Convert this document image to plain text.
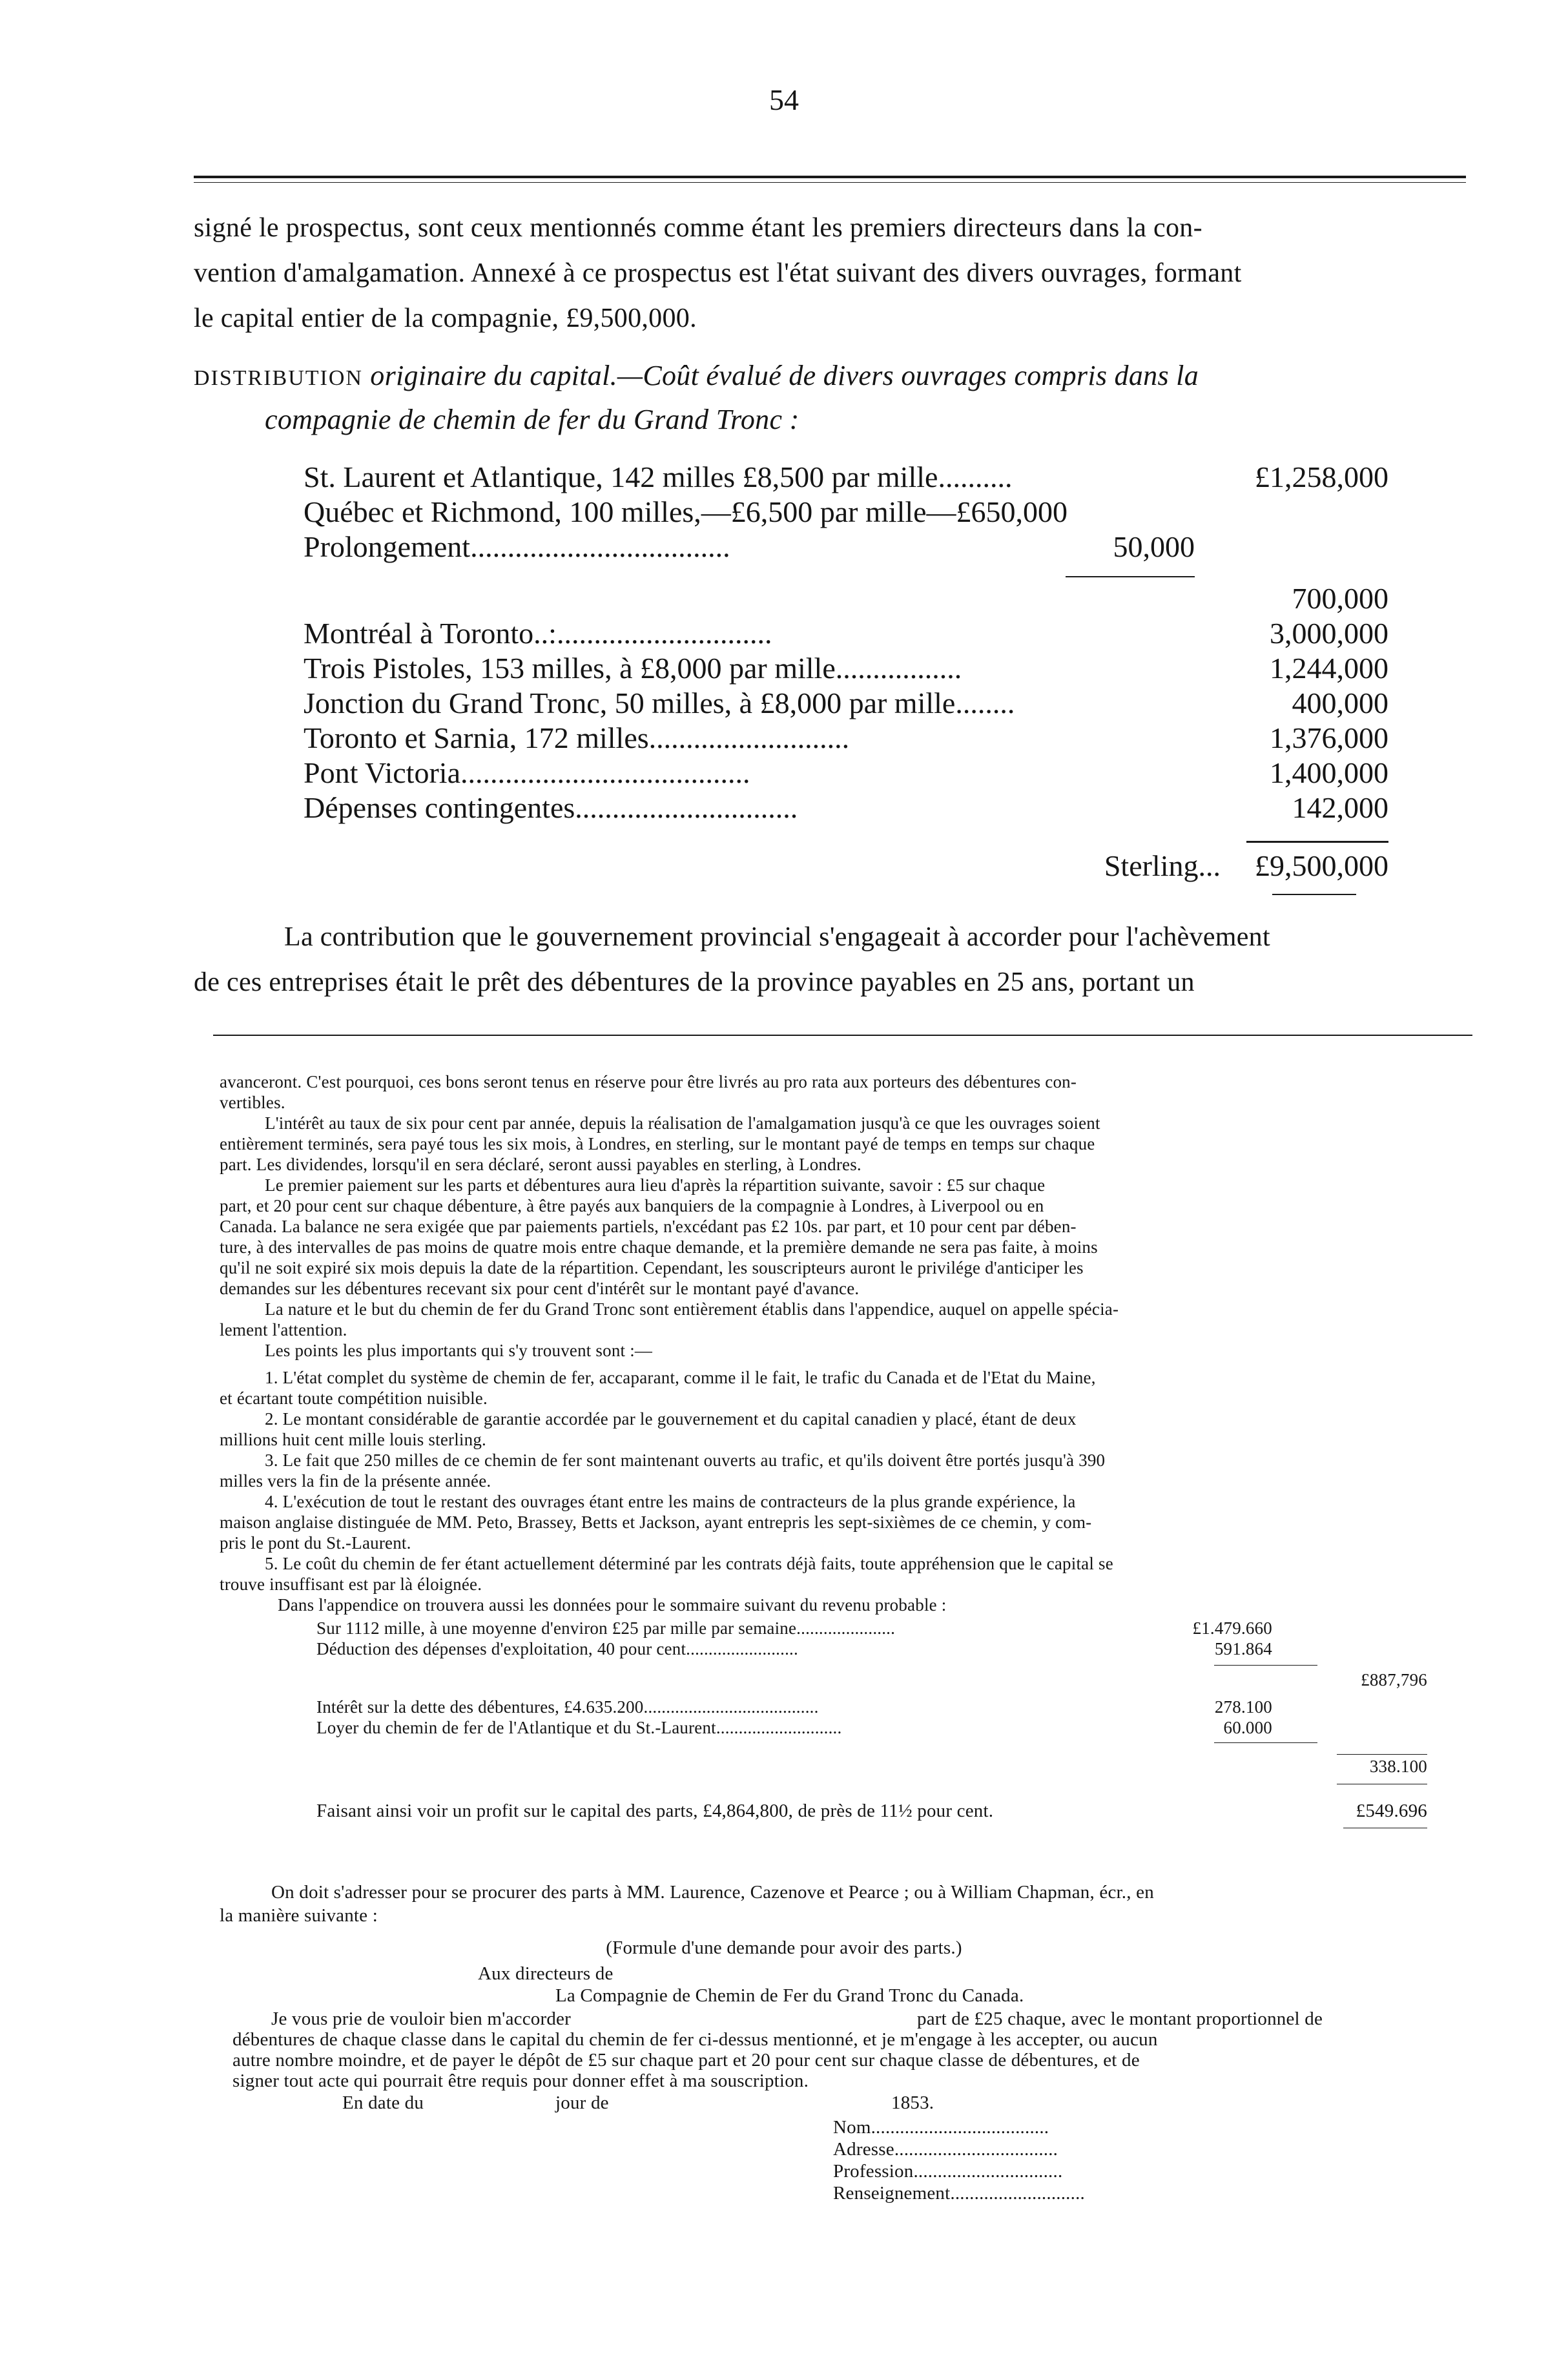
54
signé le prospectus, sont ceux mentionnés comme étant les premiers directeurs dans la con-
vention d'amalgamation. Annexé à ce prospectus est l'état suivant des divers ouvrages, formant
le capital entier de la compagnie, £9,500,000.
DISTRIBUTION originaire du capital.—Coût évalué de divers ouvrages compris dans la
compagnie de chemin de fer du Grand Tronc :
St. Laurent et Atlantique, 142 milles £8,500 par mille..........	£1,258,000
Québec et Richmond, 100 milles,—£6,500 par mille—£650,000
Prolongement...................................	50,000
700,000
Montréal à Toronto..:.............................	3,000,000
Trois Pistoles, 153 milles, à £8,000 par mille.................	1,244,000
Jonction du Grand Tronc, 50 milles, à £8,000 par mille........	400,000
Toronto et Sarnia, 172 milles...........................	1,376,000
Pont Victoria.......................................	1,400,000
Dépenses contingentes..............................	142,000
Sterling... £9,500,000
La contribution que le gouvernement provincial s'engageait à accorder pour l'achèvement
de ces entreprises était le prêt des débentures de la province payables en 25 ans, portant un
avanceront. C'est pourquoi, ces bons seront tenus en réserve pour être livrés au pro rata aux porteurs des débentures con-
vertibles.
L'intérêt au taux de six pour cent par année, depuis la réalisation de l'amalgamation jusqu'à ce que les ouvrages soient
entièrement terminés, sera payé tous les six mois, à Londres, en sterling, sur le montant payé de temps en temps sur chaque
part. Les dividendes, lorsqu'il en sera déclaré, seront aussi payables en sterling, à Londres.
Le premier paiement sur les parts et débentures aura lieu d'après la répartition suivante, savoir : £5 sur chaque
part, et 20 pour cent sur chaque débenture, à être payés aux banquiers de la compagnie à Londres, à Liverpool ou en
Canada. La balance ne sera exigée que par paiements partiels, n'excédant pas £2 10s. par part, et 10 pour cent par dében-
ture, à des intervalles de pas moins de quatre mois entre chaque demande, et la première demande ne sera pas faite, à moins
qu'il ne soit expiré six mois depuis la date de la répartition. Cependant, les souscripteurs auront le privilége d'anticiper les
demandes sur les débentures recevant six pour cent d'intérêt sur le montant payé d'avance.
La nature et le but du chemin de fer du Grand Tronc sont entièrement établis dans l'appendice, auquel on appelle spécia-
lement l'attention.
Les points les plus importants qui s'y trouvent sont :—
1. L'état complet du système de chemin de fer, accaparant, comme il le fait, le trafic du Canada et de l'Etat du Maine,
et écartant toute compétition nuisible.
2. Le montant considérable de garantie accordée par le gouvernement et du capital canadien y placé, étant de deux
millions huit cent mille louis sterling.
3. Le fait que 250 milles de ce chemin de fer sont maintenant ouverts au trafic, et qu'ils doivent être portés jusqu'à 390
milles vers la fin de la présente année.
4. L'exécution de tout le restant des ouvrages étant entre les mains de contracteurs de la plus grande expérience, la
maison anglaise distinguée de MM. Peto, Brassey, Betts et Jackson, ayant entrepris les sept-sixièmes de ce chemin, y com-
pris le pont du St.-Laurent.
5. Le coût du chemin de fer étant actuellement déterminé par les contrats déjà faits, toute appréhension que le capital se
trouve insuffisant est par là éloignée.
Dans l'appendice on trouvera aussi les données pour le sommaire suivant du revenu probable :
Sur 1112 mille, à une moyenne d'environ £25 par mille par semaine......................	£1.479.660
Déduction des dépenses d'exploitation, 40 pour cent.........................	591.864
£887,796
Intérêt sur la dette des débentures, £4.635.200.......................................	278.100
Loyer du chemin de fer de l'Atlantique et du St.-Laurent............................	60.000
338.100
Faisant ainsi voir un profit sur le capital des parts, £4,864,800, de près de 11½ pour cent.	£549.696
On doit s'adresser pour se procurer des parts à MM. Laurence, Cazenove et Pearce ; ou à William Chapman, écr., en
la manière suivante :
(Formule d'une demande pour avoir des parts.)
Aux directeurs de
La Compagnie de Chemin de Fer du Grand Tronc du Canada.
Je vous prie de vouloir bien m'accorder	part de £25 chaque, avec le montant proportionnel de
débentures de chaque classe dans le capital du chemin de fer ci-dessus mentionné, et je m'engage à les accepter, ou aucun
autre nombre moindre, et de payer le dépôt de £5 sur chaque part et 20 pour cent sur chaque classe de débentures, et de
signer tout acte qui pourrait être requis pour donner effet à ma souscription.
En date du	jour de	1853.
Nom.....................................
Adresse..................................
Profession...............................
Renseignement............................
